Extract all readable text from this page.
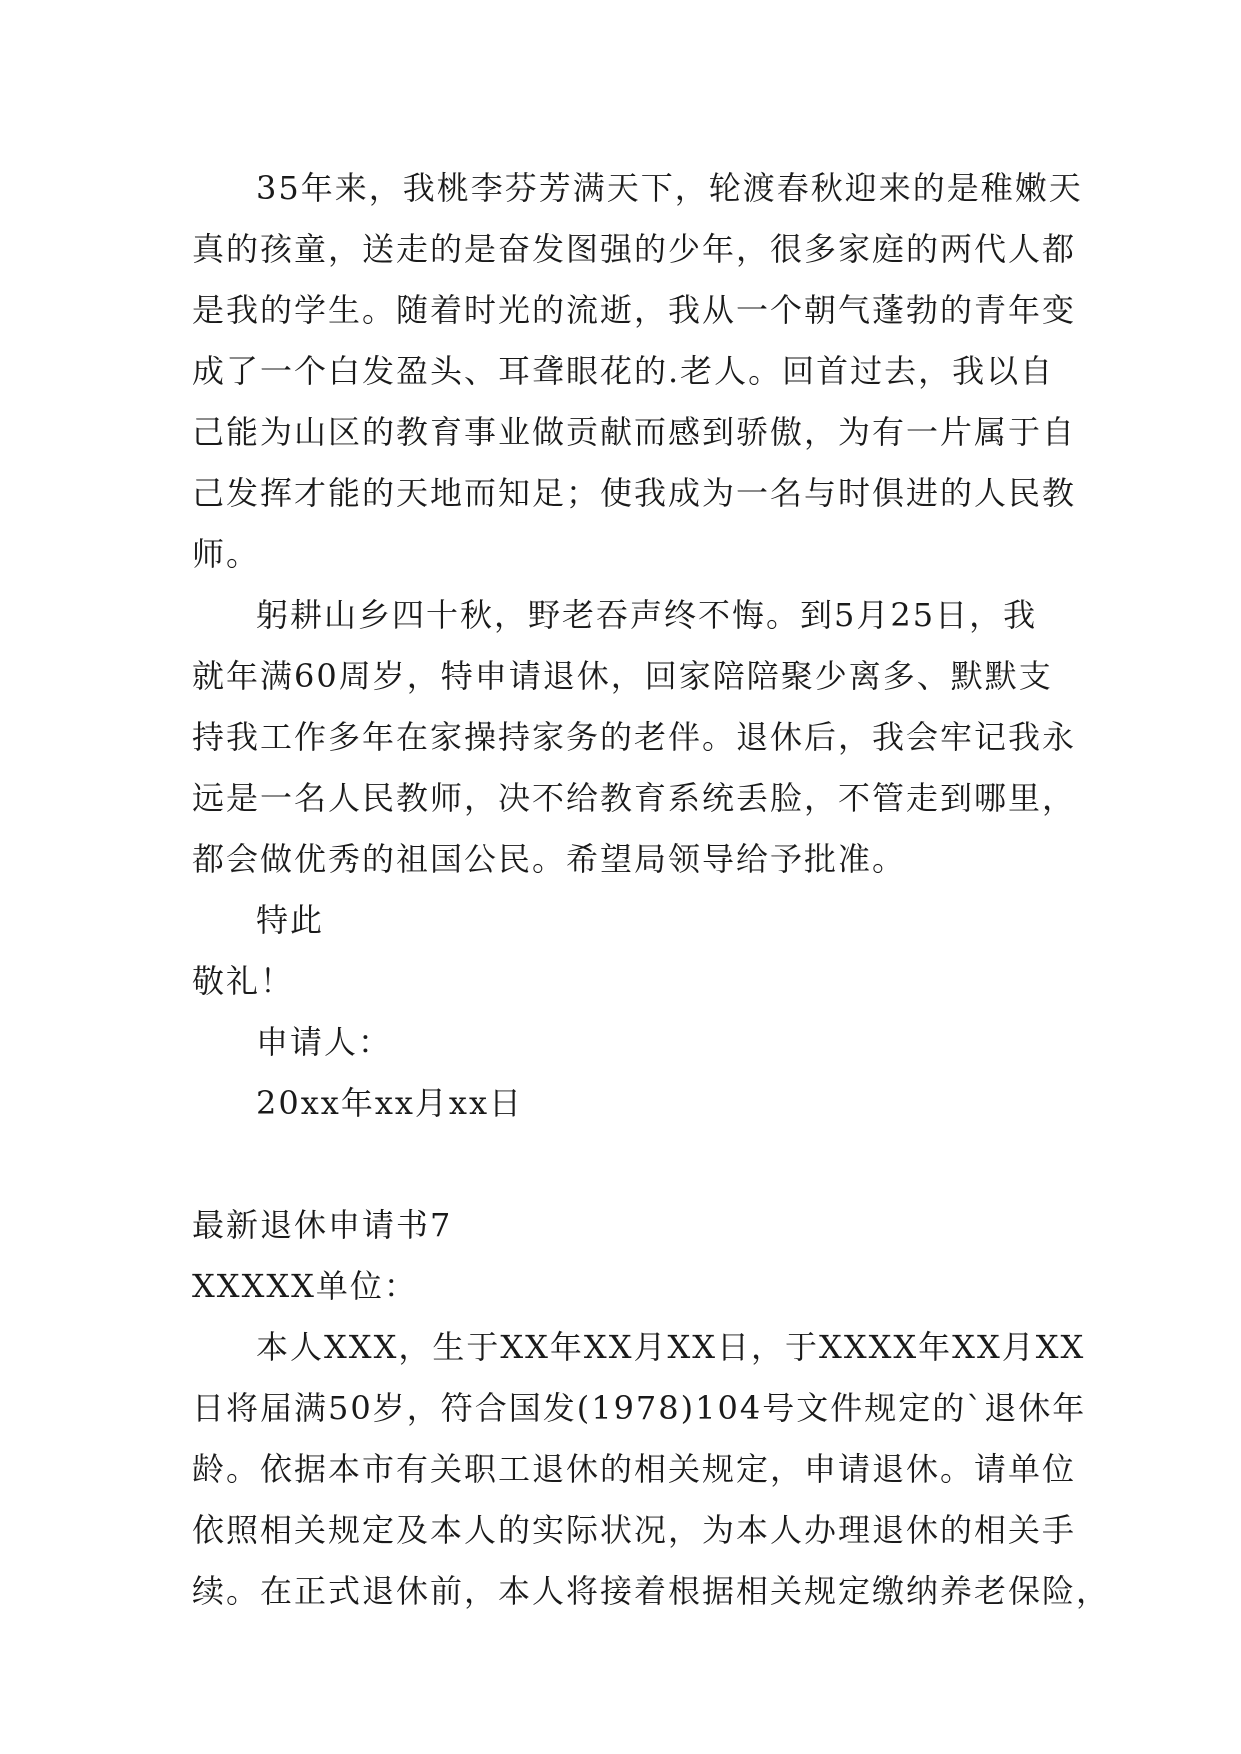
35年来，我桃李芬芳满天下，轮渡春秋迎来的是稚嫩天
真的孩童，送走的是奋发图强的少年，很多家庭的两代人都
是我的学生。随着时光的流逝，我从一个朝气蓬勃的青年变
成了一个白发盈头、耳聋眼花的.老人。回首过去，我以自
己能为山区的教育事业做贡献而感到骄傲，为有一片属于自
己发挥才能的天地而知足；使我成为一名与时俱进的人民教
师。
躬耕山乡四十秋，野老吞声终不悔。到5月25日，我
就年满60周岁，特申请退休，回家陪陪聚少离多、默默支
持我工作多年在家操持家务的老伴。退休后，我会牢记我永
远是一名人民教师，决不给教育系统丢脸，不管走到哪里，
都会做优秀的祖国公民。希望局领导给予批准。
特此
敬礼！
申请人：
20xx年xx月xx日
最新退休申请书7
XXXXX单位：
本人XXX，生于XX年XX月XX日，于XXXX年XX月XX
日将届满50岁，符合国发(1978)104号文件规定的`退休年
龄。依据本市有关职工退休的相关规定，申请退休。请单位
依照相关规定及本人的实际状况，为本人办理退休的相关手
续。在正式退休前，本人将接着根据相关规定缴纳养老保险，
